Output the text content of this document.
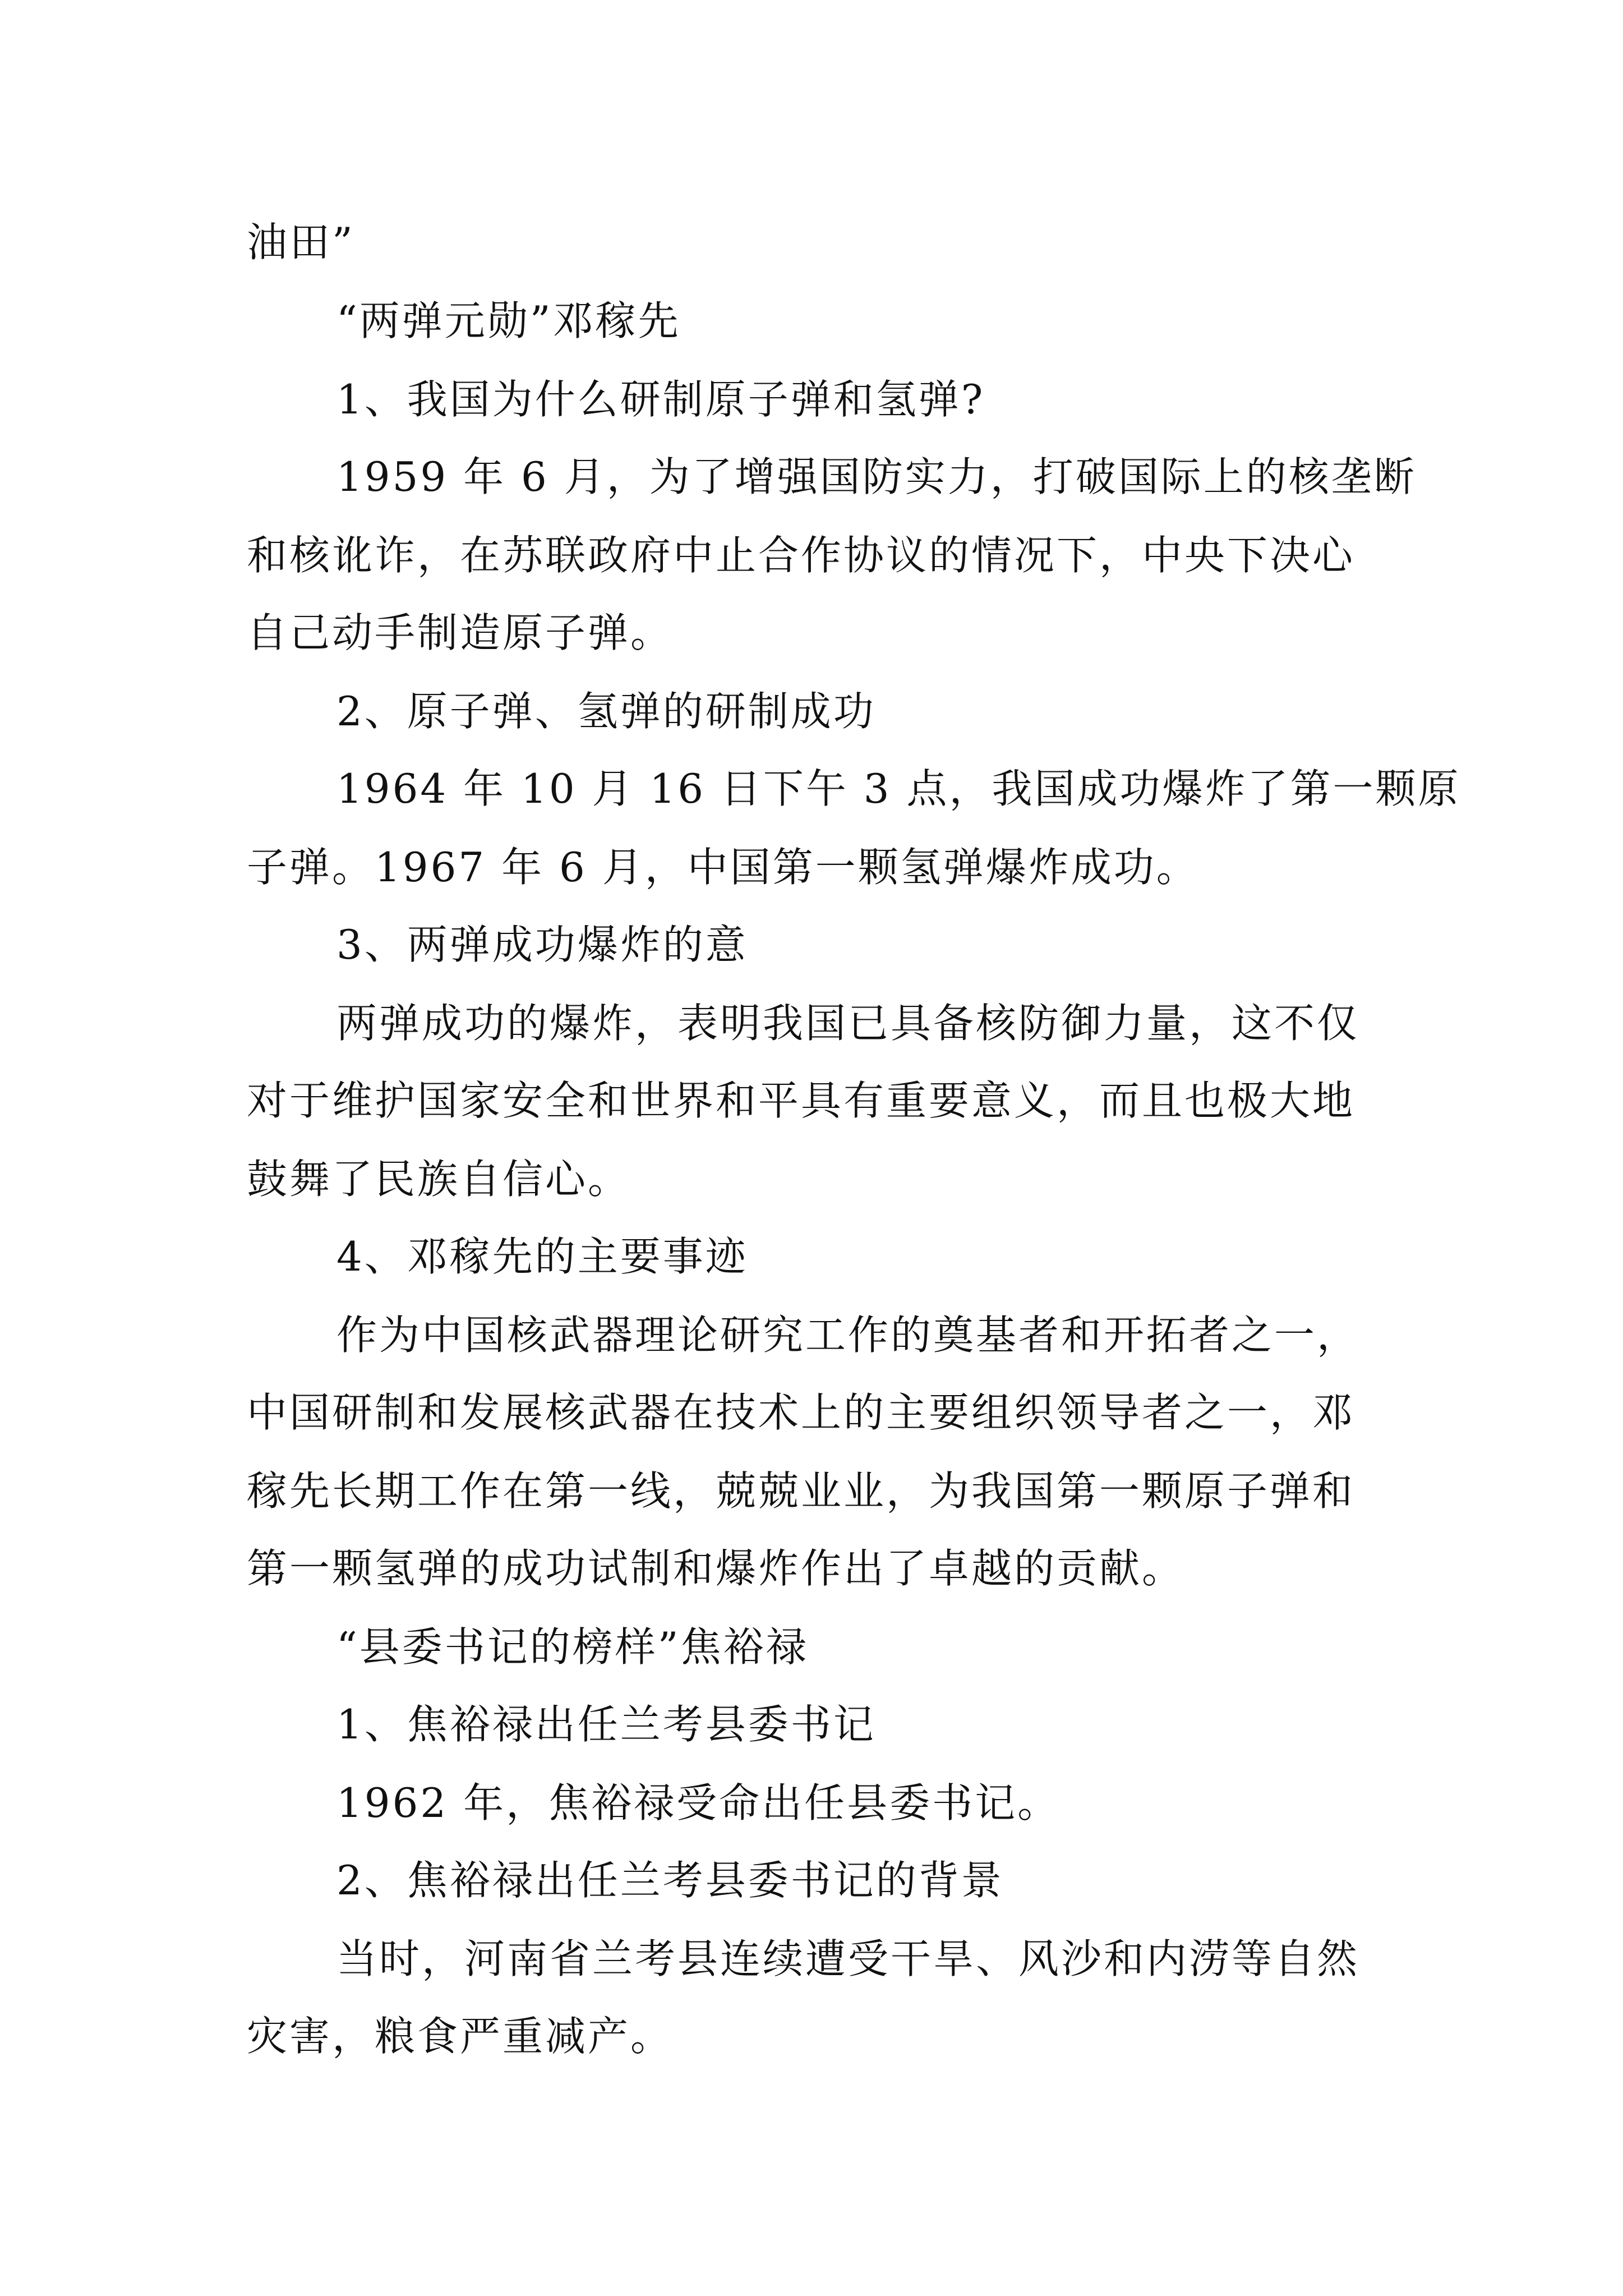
油田”
“两弹元勋”邓稼先
1、我国为什么研制原子弹和氢弹?
1959 年 6 月，为了增强国防实力，打破国际上的核垄断
和核讹诈，在苏联政府中止合作协议的情况下，中央下决心
自己动手制造原子弹。
2、原子弹、氢弹的研制成功
1964 年 10 月 16 日下午 3 点，我国成功爆炸了第一颗原
子弹。1967 年 6 月，中国第一颗氢弹爆炸成功。
3、两弹成功爆炸的意
两弹成功的爆炸，表明我国已具备核防御力量，这不仅
对于维护国家安全和世界和平具有重要意义，而且也极大地
鼓舞了民族自信心。
4、邓稼先的主要事迹
作为中国核武器理论研究工作的奠基者和开拓者之一，
中国研制和发展核武器在技术上的主要组织领导者之一，邓
稼先长期工作在第一线，兢兢业业，为我国第一颗原子弹和
第一颗氢弹的成功试制和爆炸作出了卓越的贡献。
“县委书记的榜样”焦裕禄
1、焦裕禄出任兰考县委书记
1962 年，焦裕禄受命出任县委书记。
2、焦裕禄出任兰考县委书记的背景
当时，河南省兰考县连续遭受干旱、风沙和内涝等自然
灾害，粮食严重减产。
